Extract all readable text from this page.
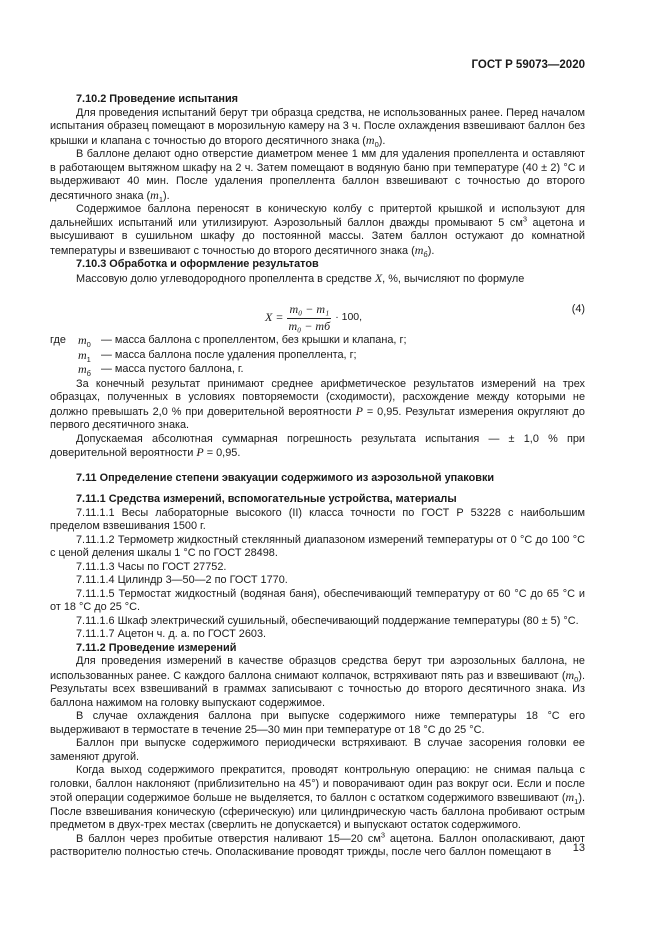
ГОСТ Р 59073—2020

7.10.2 Проведение испытания

Для проведения испытаний берут три образца средства, не использованных ранее. Перед началом испытания образец помещают в морозильную камеру на 3 ч. После охлаждения взвешивают баллон без крышки и клапана с точностью до второго десятичного знака $(m_0)$.

В баллоне делают одно отверстие диаметром менее 1 мм для удаления пропеллента и оставляют в работающем вытяжном шкафу на 2 ч. Затем помещают в водяную баню при температуре (40 ± 2) °С и выдерживают 40 мин. После удаления пропеллента баллон взвешивают с точностью до второго десятичного знака $(m_1)$.

Содержимое баллона переносят в коническую колбу с притертой крышкой и используют для дальнейших испытаний или утилизируют. Аэрозольный баллон дважды промывают 5 $см^3$ ацетона и высушивают в сушильном шкафу до постоянной массы. Затем баллон остужают до комнатной температуры и взвешивают с точностью до второго десятичного знака $(m_б)$.

7.10.3 Обработка и оформление результатов

Массовую долю углеводородного пропеллента в средстве X, %, вычисляют по формуле

$X = \frac{\text{m₀ − m₁}}{\text{m₀ − mб}} \cdot 100$,
(4)
где	$m_0$ — масса баллона с пропеллентом, без крышки и клапана, г;
$m_1$ — масса баллона после удаления пропеллента, г;
$m_б$ — масса пустого баллона, г.

За конечный результат принимают среднее арифметическое результатов измерений на трех образцах, полученных в условиях повторяемости (сходимости), расхождение между которыми не должно превышать 2,0 % при доверительной вероятности P = 0,95. Результат измерения округляют до первого десятичного знака.

Допускаемая абсолютная суммарная погрешность результата испытания — ± 1,0 % при доверительной вероятности P = 0,95.

7.11 Определение степени эвакуации содержимого из аэрозольной упаковки

7.11.1 Средства измерений, вспомогательные устройства, материалы

7.11.1.1 Весы лабораторные высокого (II) класса точности по ГОСТ Р 53228 с наибольшим пределом взвешивания 1500 г.

7.11.1.2 Термометр жидкостный стеклянный диапазоном измерений температуры от 0 °С до 100 °С с ценой деления шкалы 1 °С по ГОСТ 28498.

7.11.1.3 Часы по ГОСТ 27752.

7.11.1.4 Цилиндр 3—50—2 по ГОСТ 1770.

7.11.1.5 Термостат жидкостный (водяная баня), обеспечивающий температуру от 60 °С до 65 °С и от 18 °С до 25 °С.

7.11.1.6 Шкаф электрический сушильный, обеспечивающий поддержание температуры (80 ± 5) °С.

7.11.1.7 Ацетон ч. д. а. по ГОСТ 2603.

7.11.2 Проведение измерений

Для проведения измерений в качестве образцов средства берут три аэрозольных баллона, не использованных ранее. С каждого баллона снимают колпачок, встряхивают пять раз и взвешивают $(m_0)$. Результаты всех взвешиваний в граммах записывают с точностью до второго десятичного знака. Из баллона нажимом на головку выпускают содержимое.

В случае охлаждения баллона при выпуске содержимого ниже температуры 18 °С его выдерживают в термостате в течение 25—30 мин при температуре от 18 °С до 25 °С.

Баллон при выпуске содержимого периодически встряхивают. В случае засорения головки ее заменяют другой.

Когда выход содержимого прекратится, проводят контрольную операцию: не снимая пальца с головки, баллон наклоняют (приблизительно на 45°) и поворачивают один раз вокруг оси. Если и после этой операции содержимое больше не выделяется, то баллон с остатком содержимого взвешивают $(m_1)$. После взвешивания коническую (сферическую) или цилиндрическую часть баллона пробивают острым предметом в двух-трех местах (сверлить не допускается) и выпускают остаток содержимого.

В баллон через пробитые отверстия наливают 15—20 $см^3$ ацетона. Баллон ополаскивают, дают растворителю полностью стечь. Ополаскивание проводят трижды, после чего баллон помещают в	13
